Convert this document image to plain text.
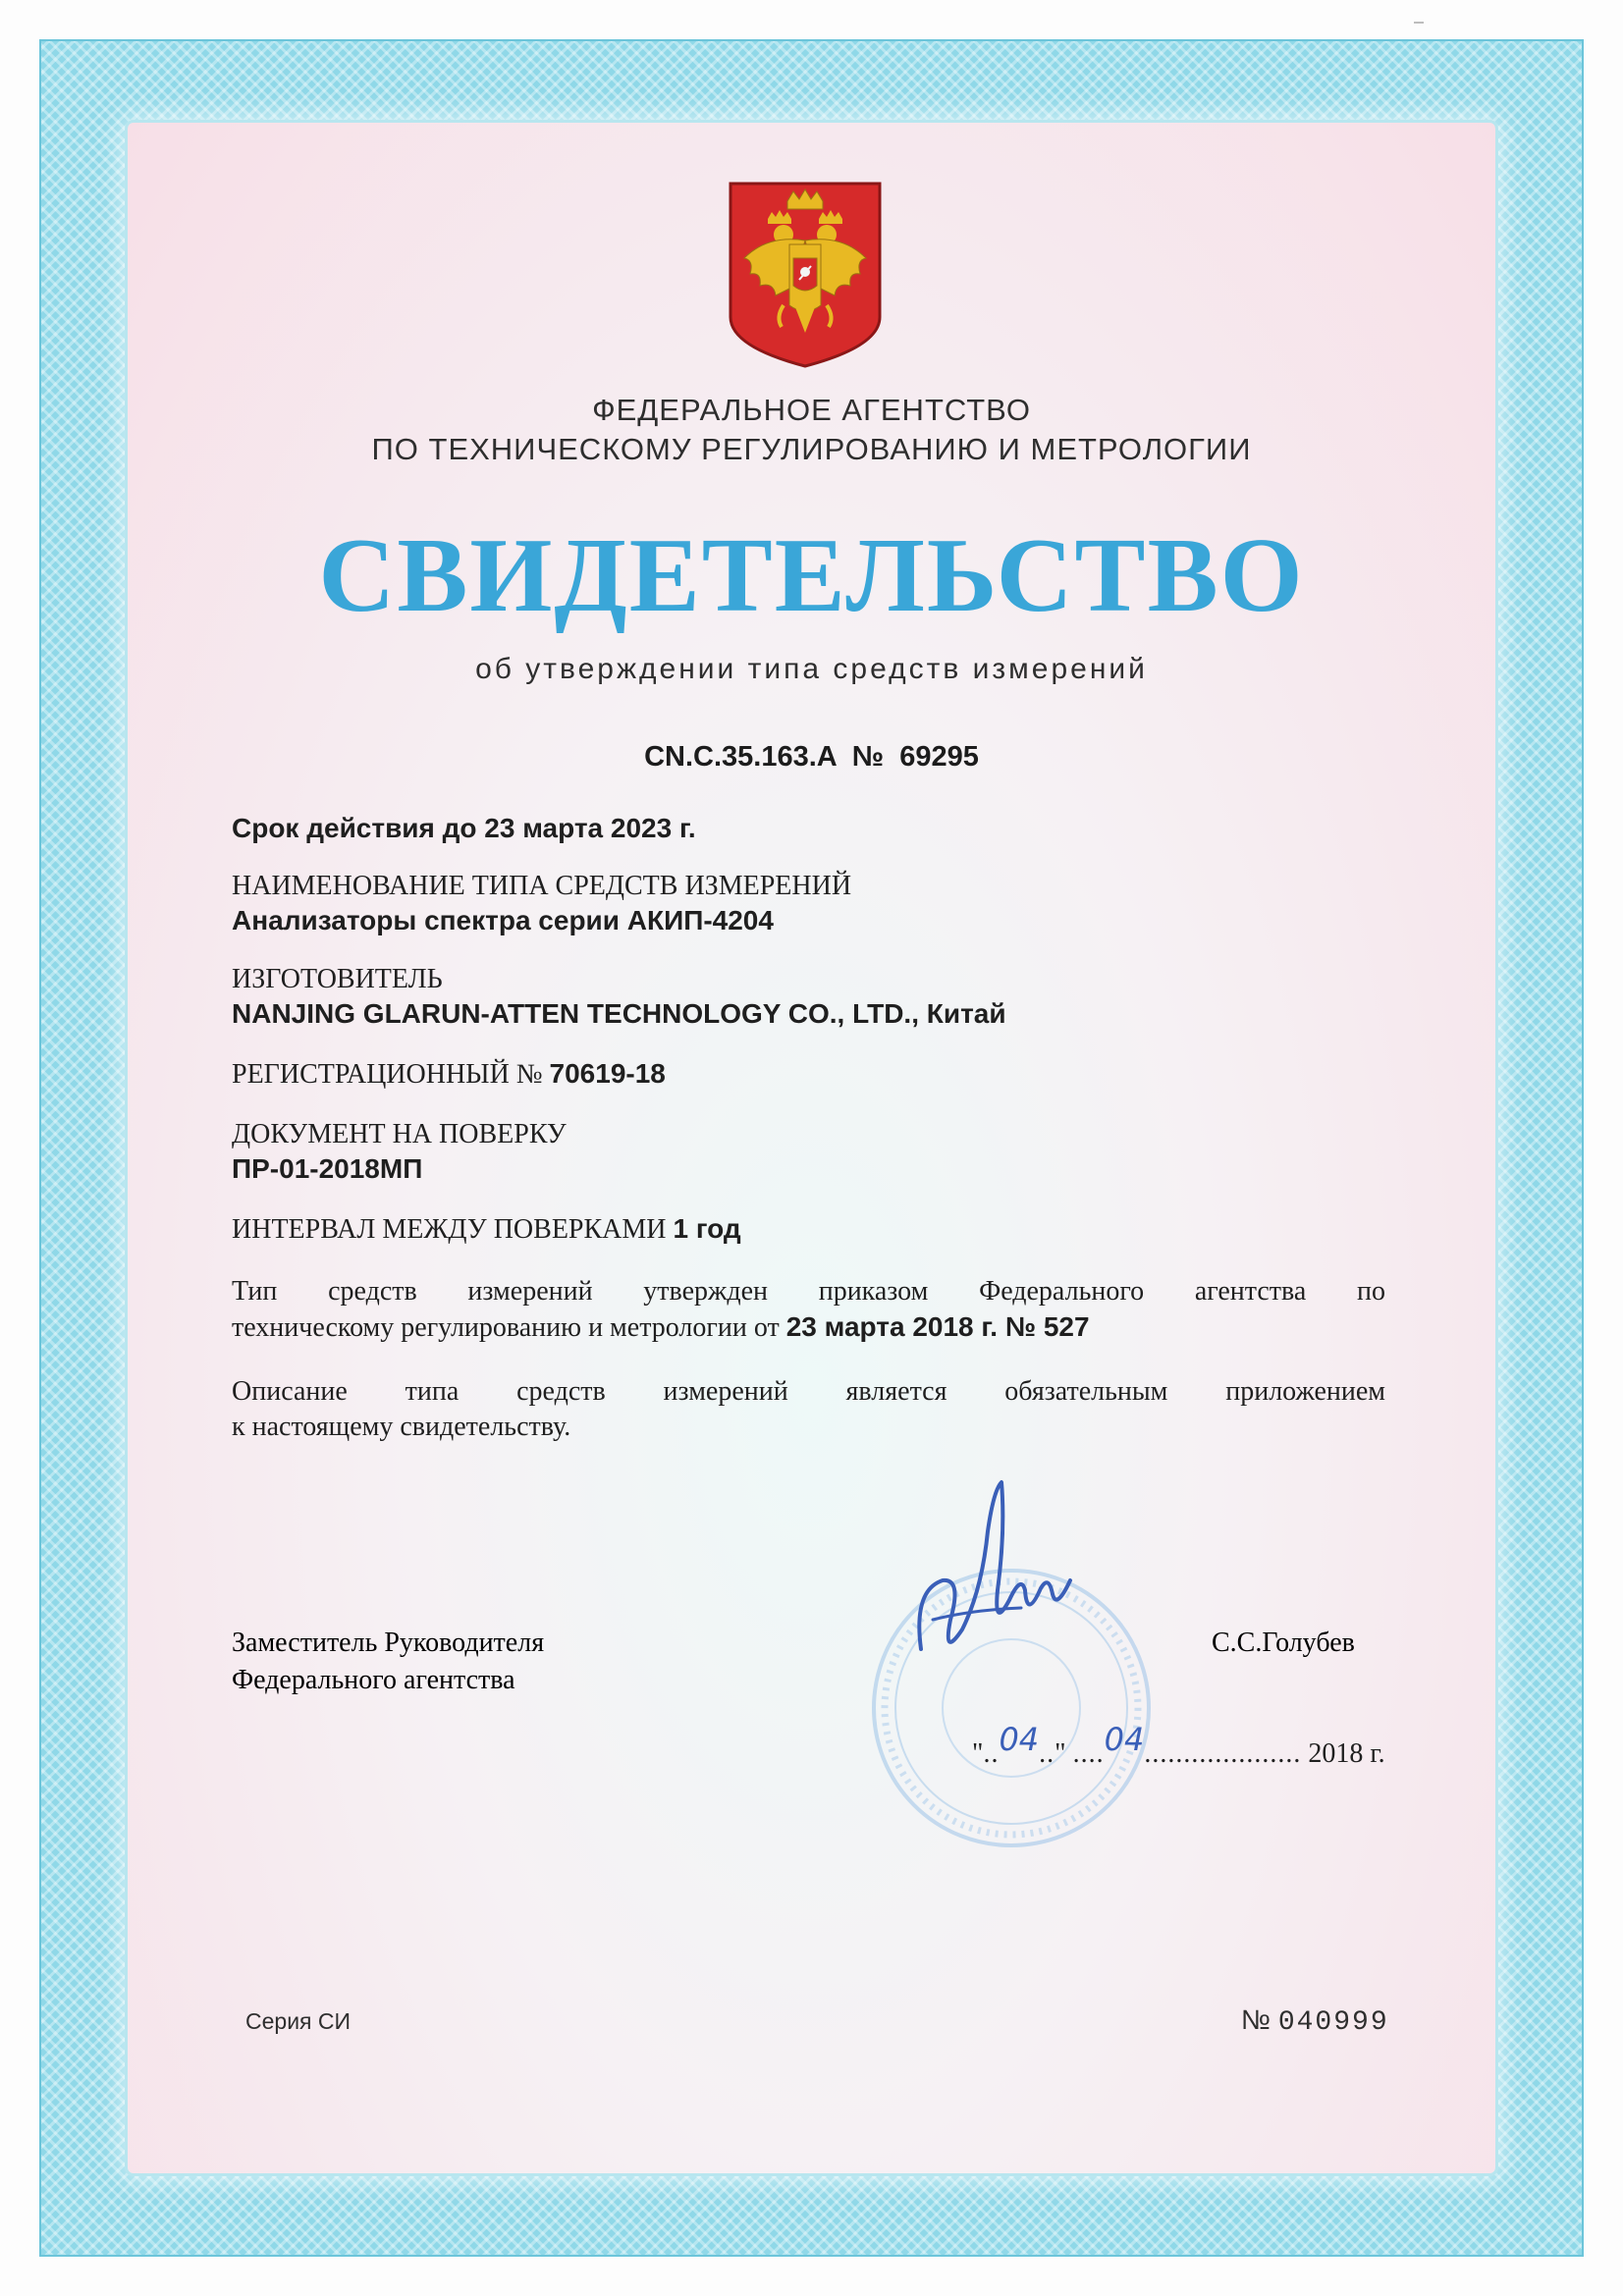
ФЕДЕРАЛЬНОЕ АГЕНТСТВО
ПО ТЕХНИЧЕСКОМУ РЕГУЛИРОВАНИЮ И МЕТРОЛОГИИ
СВИДЕТЕЛЬСТВО
об утверждении типа средств измерений
CN.C.35.163.A  №  69295
Срок действия до 23 марта 2023 г.
НАИМЕНОВАНИЕ ТИПА СРЕДСТВ ИЗМЕРЕНИЙ
Анализаторы спектра серии АКИП-4204
ИЗГОТОВИТЕЛЬ
NANJING GLARUN-ATTEN TECHNOLOGY CO., LTD., Китай
РЕГИСТРАЦИОННЫЙ № 70619-18
ДОКУМЕНТ НА ПОВЕРКУ
ПР-01-2018МП
ИНТЕРВАЛ МЕЖДУ ПОВЕРКАМИ 1 год
Тип средств измерений утвержден приказом Федерального агентства по
техническому регулированию и метрологии от 23 марта 2018 г. № 527
Описание типа средств измерений является обязательным приложением
к настоящему свидетельству.
Заместитель Руководителя
Федерального агентства
С.С.Голубев
"..04.." ....04.................... 2018 г.
Серия СИ	№ 040999
